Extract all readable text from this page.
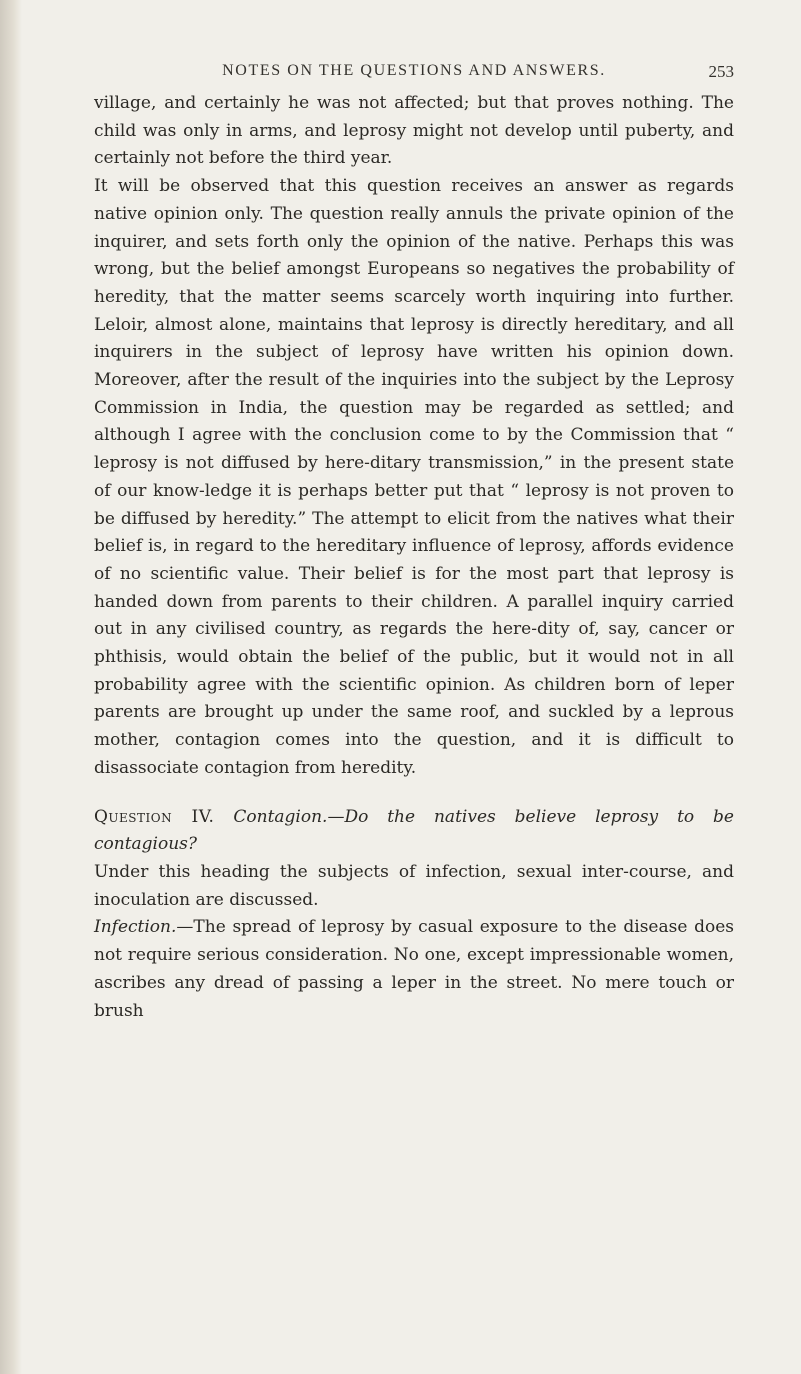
NOTES ON THE QUESTIONS AND ANSWERS.	253

village, and certainly he was not affected; but that proves nothing. The child was only in arms, and leprosy might not develop until puberty, and certainly not before the third year.

It will be observed that this question receives an answer as regards native opinion only. The question really annuls the private opinion of the inquirer, and sets forth only the opinion of the native. Perhaps this was wrong, but the belief amongst Europeans so negatives the probability of heredity, that the matter seems scarcely worth inquiring into further. Leloir, almost alone, maintains that leprosy is directly hereditary, and all inquirers in the subject of leprosy have written his opinion down. Moreover, after the result of the inquiries into the subject by the Leprosy Commission in India, the question may be regarded as settled; and although I agree with the conclusion come to by the Commission that “ leprosy is not diffused by here-ditary transmission,” in the present state of our know-ledge it is perhaps better put that “ leprosy is not proven to be diffused by heredity.” The attempt to elicit from the natives what their belief is, in regard to the hereditary influence of leprosy, affords evidence of no scientific value. Their belief is for the most part that leprosy is handed down from parents to their children. A parallel inquiry carried out in any civilised country, as regards the here-dity of, say, cancer or phthisis, would obtain the belief of the public, but it would not in all probability agree with the scientific opinion. As children born of leper parents are brought up under the same roof, and suckled by a leprous mother, contagion comes into the question, and it is difficult to disassociate contagion from heredity.

Question IV. Contagion.—Do the natives believe leprosy to be contagious?

Under this heading the subjects of infection, sexual inter-course, and inoculation are discussed.

Infection.—The spread of leprosy by casual exposure to the disease does not require serious consideration. No one, except impressionable women, ascribes any dread of passing a leper in the street. No mere touch or brush
